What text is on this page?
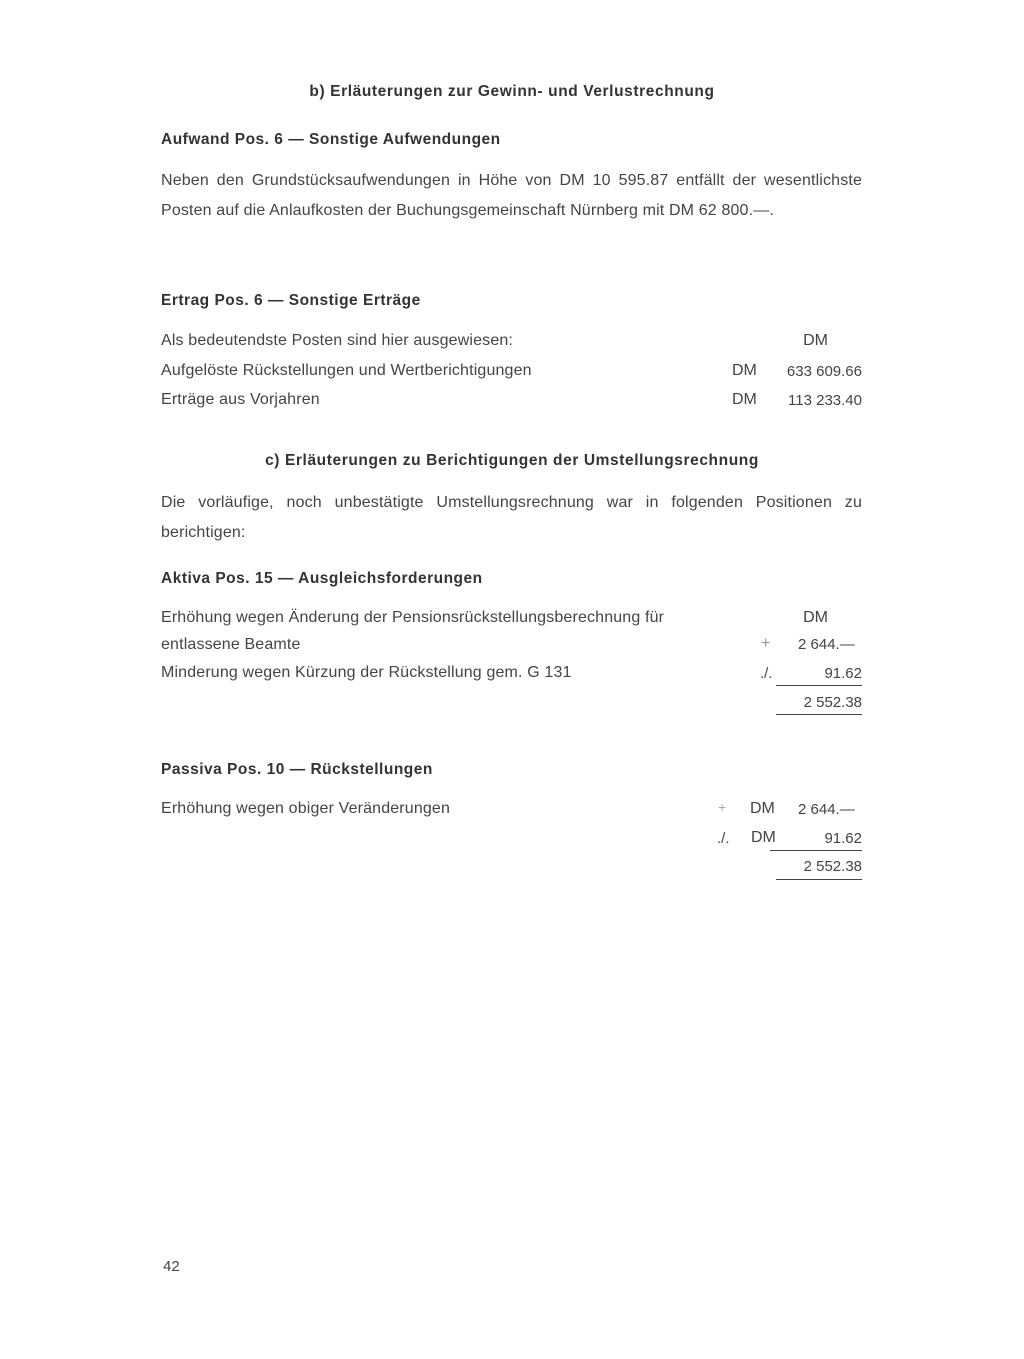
b) Erläuterungen zur Gewinn- und Verlustrechnung
Aufwand Pos. 6 — Sonstige Aufwendungen
Neben den Grundstücksaufwendungen in Höhe von DM 10 595.87 entfällt der wesentlichste Posten auf die Anlaufkosten der Buchungsgemeinschaft Nürnberg mit DM 62 800.—.
Ertrag Pos. 6 — Sonstige Erträge
Als bedeutendste Posten sind hier ausgewiesen:	DM
Aufgelöste Rückstellungen und Wertberichtigungen	DM 633 609.66
Erträge aus Vorjahren	DM 113 233.40
c) Erläuterungen zu Berichtigungen der Umstellungsrechnung
Die vorläufige, noch unbestätigte Umstellungsrechnung war in folgenden Positionen zu berichtigen:
Aktiva Pos. 15 — Ausgleichsforderungen
Erhöhung wegen Änderung der Pensionsrückstellungsberechnung für	DM
entlassene Beamte	+ 2 644.—
Minderung wegen Kürzung der Rückstellung gem. G 131	./.	91.62
2 552.38
Passiva Pos. 10 — Rückstellungen
Erhöhung wegen obiger Veränderungen	+ DM 2 644.—
./. DM	91.62
2 552.38
42
